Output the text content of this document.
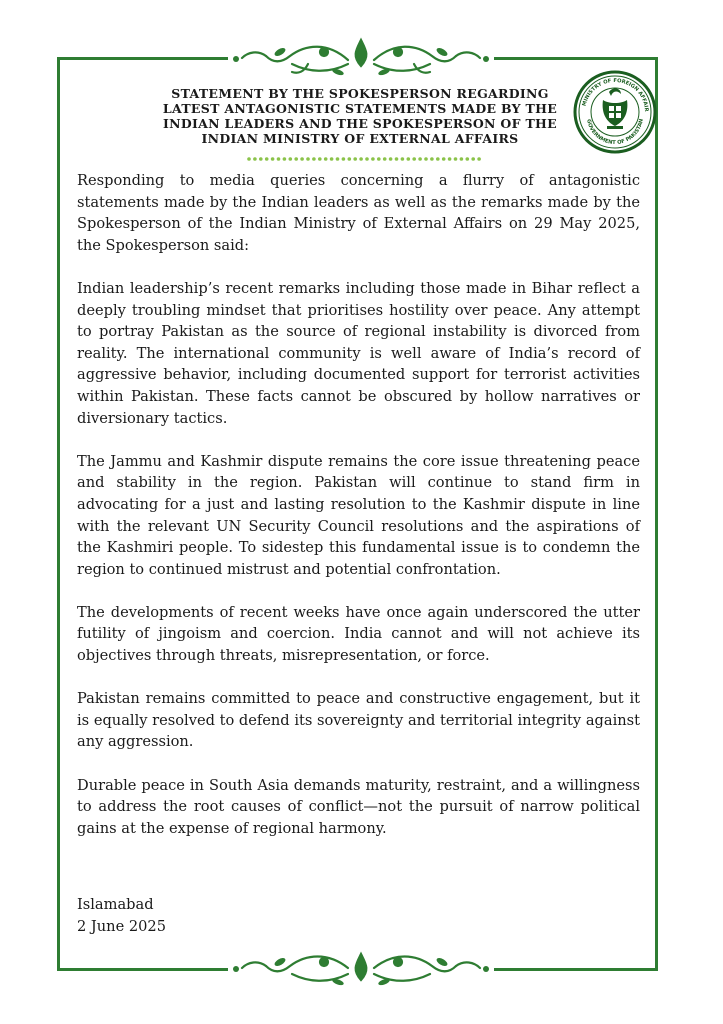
MINISTRY OF FOREIGN AFFAIR
GOVERNMENT OF PAKISTAN
STATEMENT BY THE SPOKESPERSON REGARDING
LATEST ANTAGONISTIC STATEMENTS MADE BY THE
INDIAN LEADERS AND THE SPOKESPERSON OF THE
INDIAN MINISTRY OF EXTERNAL AFFAIRS

Responding to media queries concerning a flurry of antagonistic statements made by the Indian leaders as well as the remarks made by the Spokesperson of the Indian Ministry of External Affairs on 29 May 2025, the Spokesperson said:

Indian leadership’s recent remarks including those made in Bihar reflect a deeply troubling mindset that prioritises hostility over peace. Any attempt to portray Pakistan as the source of regional instability is divorced from reality. The international community is well aware of India’s record of aggressive behavior, including documented support for terrorist activities within Pakistan. These facts cannot be obscured by hollow narratives or diversionary tactics.

The Jammu and Kashmir dispute remains the core issue threatening peace and stability in the region. Pakistan will continue to stand firm in advocating for a just and lasting resolution to the Kashmir dispute in line with the relevant UN Security Council resolutions and the aspirations of the Kashmiri people. To sidestep this fundamental issue is to condemn the region to continued mistrust and potential confrontation.

The developments of recent weeks have once again underscored the utter futility of jingoism and coercion. India cannot and will not achieve its objectives through threats, misrepresentation, or force.

Pakistan remains committed to peace and constructive engagement, but it is equally resolved to defend its sovereignty and territorial integrity against any aggression.

Durable peace in South Asia demands maturity, restraint, and a willingness to address the root causes of conflict—not the pursuit of narrow political gains at the expense of regional harmony.

Islamabad
2 June 2025
